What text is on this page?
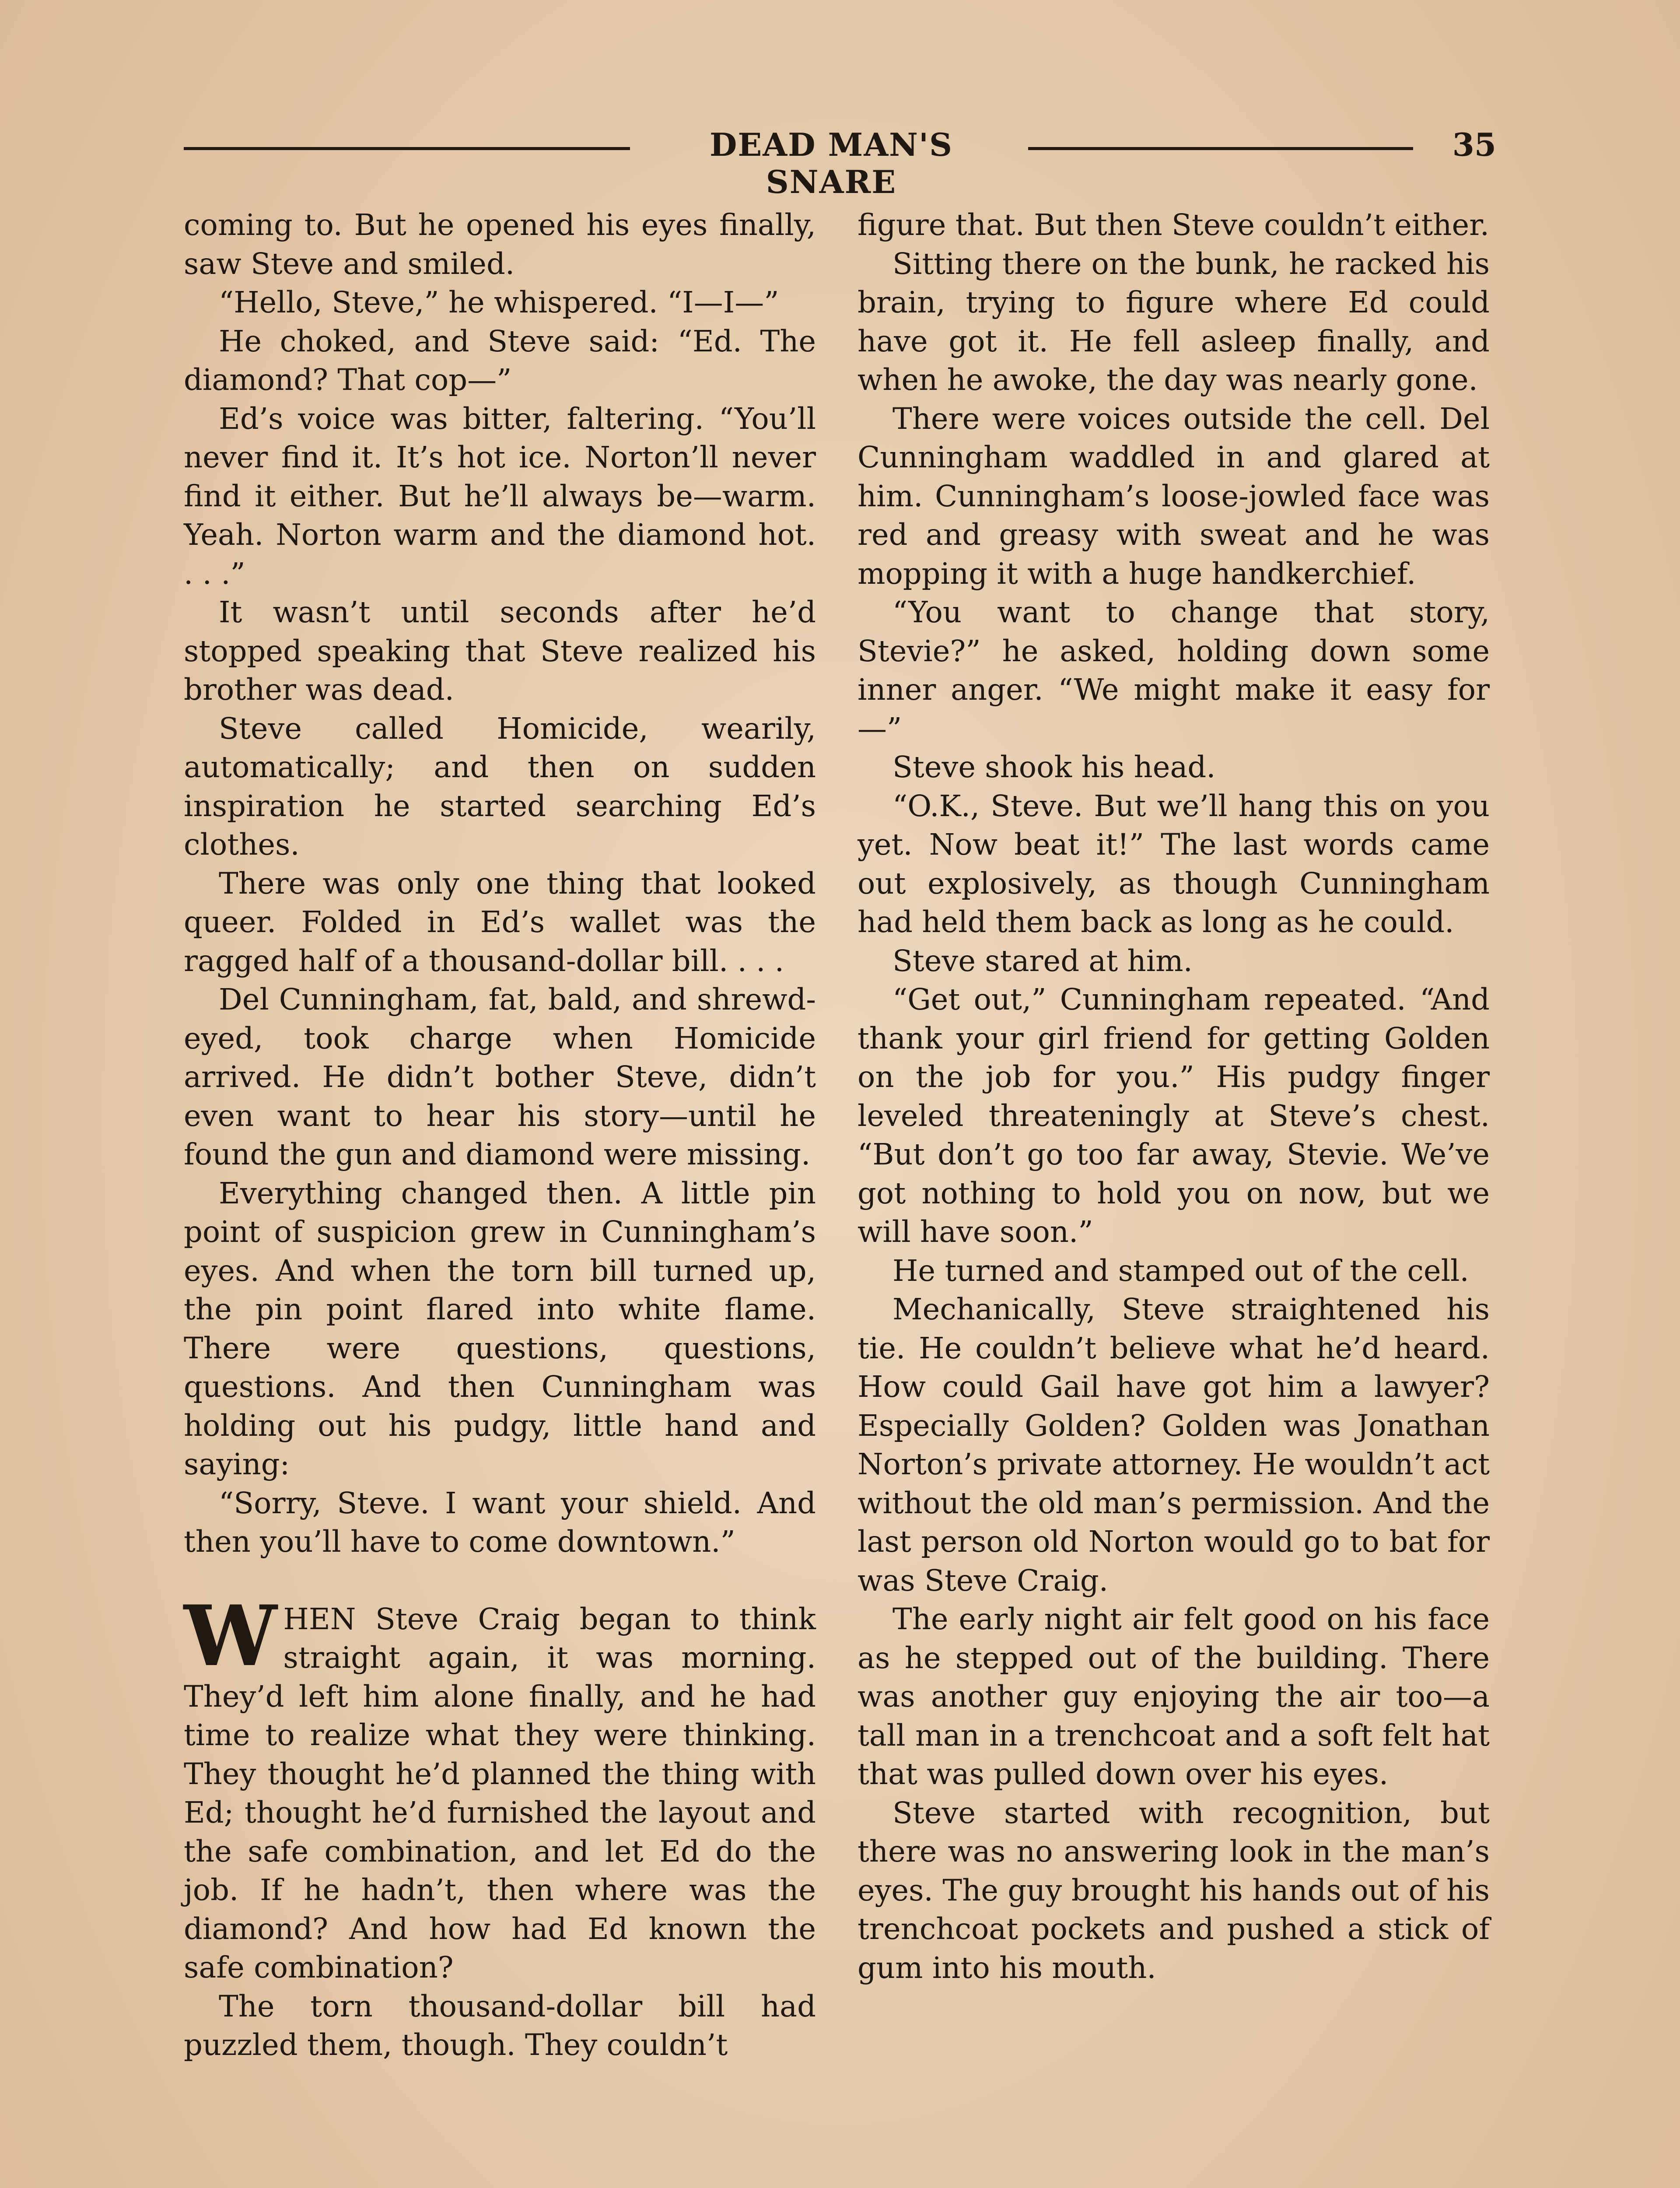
DEAD MAN'S SNARE
35

coming to. But he opened his eyes finally, saw Steve and smiled.

“Hello, Steve,” he whispered. “I—I—”

He choked, and Steve said: “Ed. The diamond? That cop—”

Ed’s voice was bitter, faltering. “You’ll never find it. It’s hot ice. Norton’ll never find it either. But he’ll always be—warm. Yeah. Norton warm and the diamond hot. . . .”

It wasn’t until seconds after he’d stopped speaking that Steve realized his brother was dead.

Steve called Homicide, wearily, automatically; and then on sudden inspiration he started searching Ed’s clothes.

There was only one thing that looked queer. Folded in Ed’s wallet was the ragged half of a thousand-dollar bill. . . .

Del Cunningham, fat, bald, and shrewd-eyed, took charge when Homicide arrived. He didn’t bother Steve, didn’t even want to hear his story—until he found the gun and diamond were missing.

Everything changed then. A little pin point of suspicion grew in Cunningham’s eyes. And when the torn bill turned up, the pin point flared into white flame. There were questions, questions, questions. And then Cunningham was holding out his pudgy, little hand and saying:

“Sorry, Steve. I want your shield. And then you’ll have to come downtown.”

WHEN Steve Craig began to think straight again, it was morning. They’d left him alone finally, and he had time to realize what they were thinking. They thought he’d planned the thing with Ed; thought he’d furnished the layout and the safe combination, and let Ed do the job. If he hadn’t, then where was the diamond? And how had Ed known the safe combination?

The torn thousand-dollar bill had puzzled them, though. They couldn’t

figure that. But then Steve couldn’t either.

Sitting there on the bunk, he racked his brain, trying to figure where Ed could have got it. He fell asleep finally, and when he awoke, the day was nearly gone.

There were voices outside the cell. Del Cunningham waddled in and glared at him. Cunningham’s loose-jowled face was red and greasy with sweat and he was mopping it with a huge handkerchief.

“You want to change that story, Stevie?” he asked, holding down some inner anger. “We might make it easy for—”

Steve shook his head.

“O.K., Steve. But we’ll hang this on you yet. Now beat it!” The last words came out explosively, as though Cunningham had held them back as long as he could.

Steve stared at him.

“Get out,” Cunningham repeated. “And thank your girl friend for getting Golden on the job for you.” His pudgy finger leveled threateningly at Steve’s chest. “But don’t go too far away, Stevie. We’ve got nothing to hold you on now, but we will have soon.”

He turned and stamped out of the cell.

Mechanically, Steve straightened his tie. He couldn’t believe what he’d heard. How could Gail have got him a lawyer? Especially Golden? Golden was Jonathan Norton’s private attorney. He wouldn’t act without the old man’s permission. And the last person old Norton would go to bat for was Steve Craig.

The early night air felt good on his face as he stepped out of the building. There was another guy enjoying the air too—a tall man in a trenchcoat and a soft felt hat that was pulled down over his eyes.

Steve started with recognition, but there was no answering look in the man’s eyes. The guy brought his hands out of his trenchcoat pockets and pushed a stick of gum into his mouth.
